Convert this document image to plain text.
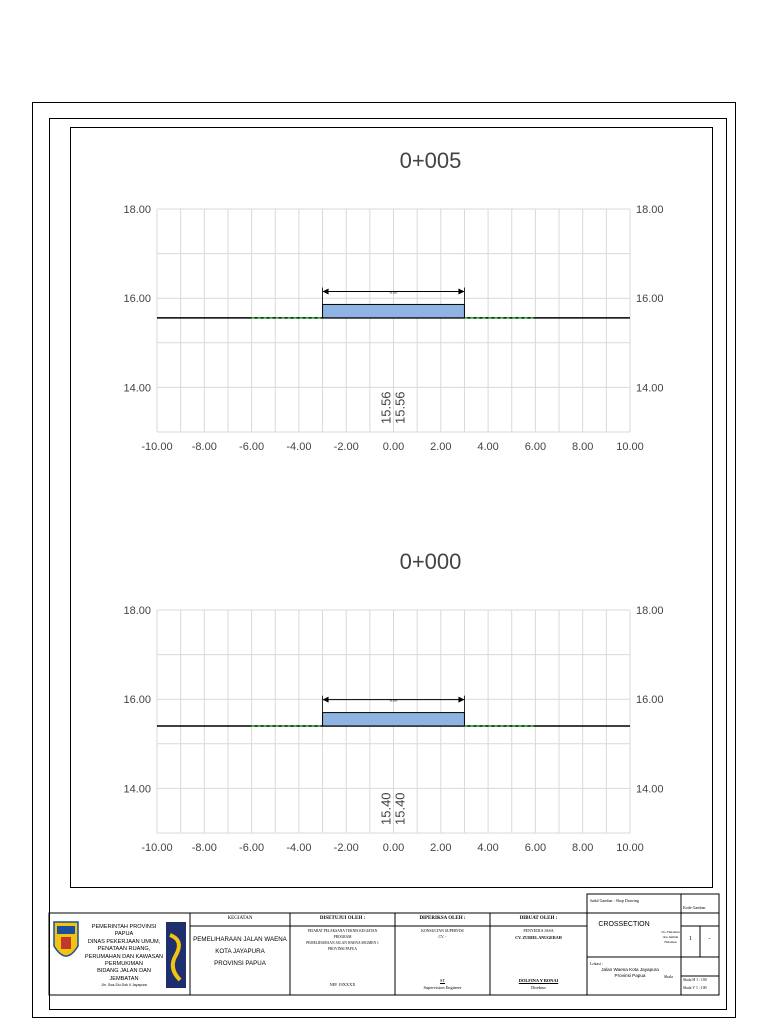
0+005
-10.00 -8.00 -6.00 -4.00 -2.00 0.00 2.00 4.00 6.00 8.00 10.00
18.00	18.00
16.00	16.00
14.00	14.00
6.00
15.56 15.56
0+000
-10.00 -8.00 -6.00 -4.00 -2.00 0.00 2.00 4.00 6.00 8.00 10.00
18.00	18.00
16.00	16.00
14.00	14.00
6.00
15.40 15.40
PEMERINTAH PROVINSI PAPUA
DINAS PEKERJAAN UMUM,
PENATAAN RUANG,
PERUMAHAN DAN KAWASAN
PERMUKIMAN
BIDANG JALAN DAN JEMBATAN
Jln. Soa-Siu Dok II Jayapura
KEGIATAN
PEMELIHARAAN JALAN WAENA
KOTA JAYAPURA
PROVINSI PAPUA
DISETUJUI OLEH :
PEJABAT PELAKSANA TEKNIS KEGIATAN
PROGRAM
PEMELIHARAAN JALAN WAENA SEGMEN 1
PROVINSI PAPUA
NIP. 19XXXX
DIPERIKSA OLEH :
KONSULTAN SUPERVISI
CV. -
ST
Supervision Engineer
DIBUAT OLEH :
PENYEDIA JASA
CV. ZURIEL ANUGERAH
DOLFINA Y BONAI
Direktur
Judul Gambar : Shop Drawing
Kode Gambar
CROSSECTION
No. Halaman dan Jumlah Halaman	1	-
Lokasi :
Jalan Waena Kota Jayapura
Provinsi Papua	Skala
Skala H 1 : 100
Skala V 1 : 100
